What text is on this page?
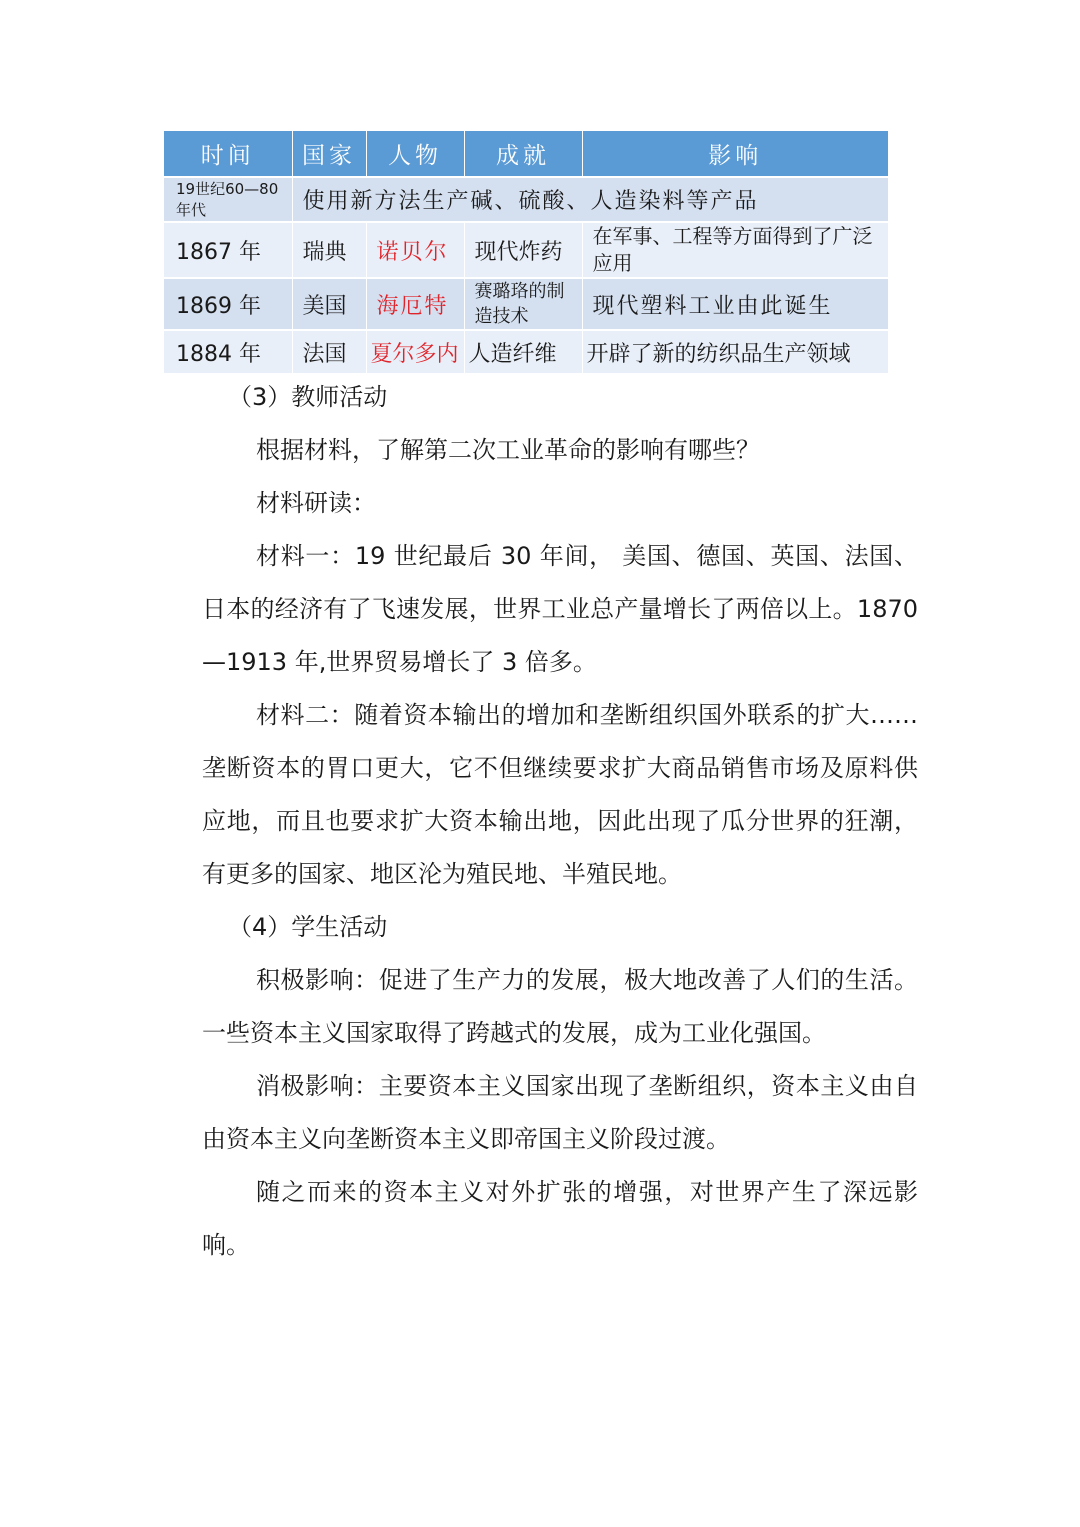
时间	国家	人物	成就	影响
19世纪60—80年代	使用新方法生产碱、硫酸、人造染料等产品			
1867 年	瑞典	诺贝尔	现代炸药	在军事、工程等方面得到了广泛应用
1869 年	美国	海厄特	赛璐珞的制造技术	现代塑料工业由此诞生
1884 年	法国	夏尔多内	人造纤维	开辟了新的纺织品生产领域

（3）教师活动

根据材料，了解第二次工业革命的影响有哪些？

材料研读：

材料一：19 世纪最后 30 年间， 美国、德国、英国、法国、日本的经济有了飞速发展，世界工业总产量增长了两倍以上。1870—1913 年,世界贸易增长了 3 倍多。

材料二：随着资本输出的增加和垄断组织国外联系的扩大……垄断资本的胃口更大，它不但继续要求扩大商品销售市场及原料供应地，而且也要求扩大资本输出地，因此出现了瓜分世界的狂潮，有更多的国家、地区沦为殖民地、半殖民地。

（4）学生活动

积极影响：促进了生产力的发展，极大地改善了人们的生活。一些资本主义国家取得了跨越式的发展，成为工业化强国。

消极影响：主要资本主义国家出现了垄断组织，资本主义由自由资本主义向垄断资本主义即帝国主义阶段过渡。

随之而来的资本主义对外扩张的增强，对世界产生了深远影响。
